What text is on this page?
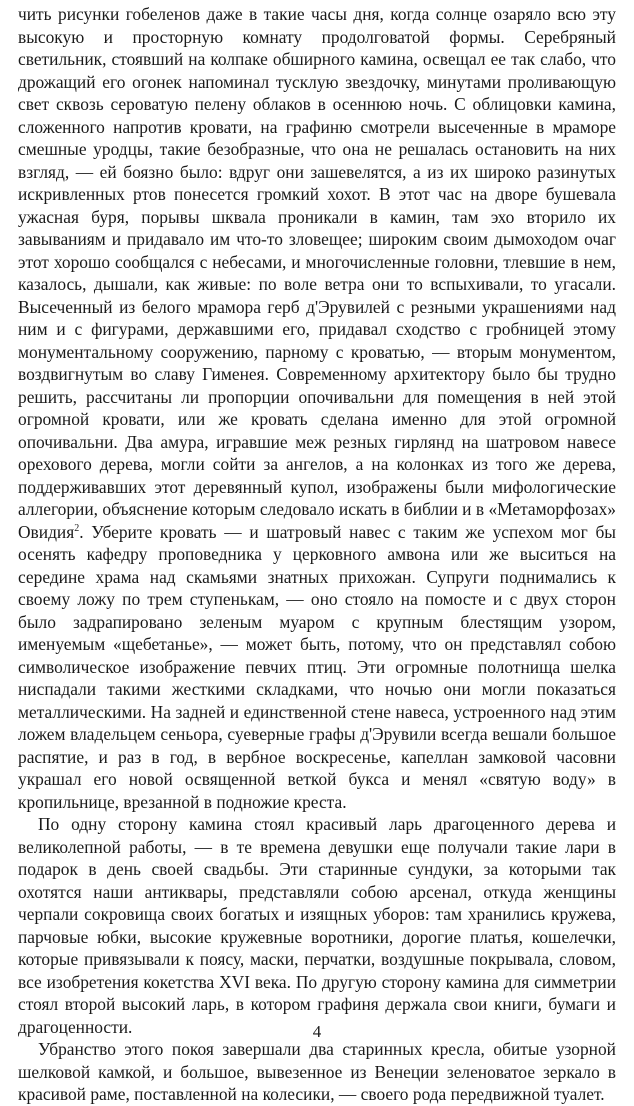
чить рисунки гобеленов даже в такие часы дня, когда солнце озаряло всю эту высокую и просторную комнату продолговатой формы. Серебряный светильник, стоявший на колпаке обширного камина, освещал ее так слабо, что дрожащий его огонек напоминал тусклую звездочку, минутами проливающую свет сквозь сероватую пелену облаков в осеннюю ночь. С облицовки камина, сложенного напротив кровати, на графиню смотрели высеченные в мраморе смешные уродцы, такие безобразные, что она не решалась остановить на них взгляд, — ей боязно было: вдруг они зашевелятся, а из их широко разинутых искривленных ртов понесется громкий хохот. В этот час на дворе бушевала ужасная буря, порывы шквала проникали в камин, там эхо вторило их завываниям и придавало им что-то зловещее; широким своим дымоходом очаг этот хорошо сообщался с небесами, и многочисленные головни, тлевшие в нем, казалось, дышали, как живые: по воле ветра они то вспыхивали, то угасали. Высеченный из белого мрамора герб д'Эрувилей с резными украшениями над ним и с фигурами, державшими его, придавал сходство с гробницей этому монументальному сооружению, парному с кроватью, — вторым монументом, воздвигнутым во славу Гименея. Современному архитектору было бы трудно решить, рассчитаны ли пропорции опочивальни для помещения в ней этой огромной кровати, или же кровать сделана именно для этой огромной опочивальни. Два амура, игравшие меж резных гирлянд на шатровом навесе орехового дерева, могли сойти за ангелов, а на колонках из того же дерева, поддерживавших этот деревянный купол, изображены были мифологические аллегории, объяснение которым следовало искать в библии и в «Метаморфозах» Овидия$^2$. Уберите кровать — и шатровый навес с таким же успехом мог бы осенять кафедру проповедника у церковного амвона или же выситься на середине храма над скамьями знатных прихожан. Супруги поднимались к своему ложу по трем ступенькам, — оно стояло на помосте и с двух сторон было задрапировано зеленым муаром с крупным блестящим узором, именуемым «щебетанье», — может быть, потому, что он представлял собою символическое изображение певчих птиц. Эти огромные полотнища шелка ниспадали такими жесткими складками, что ночью они могли показаться металлическими. На задней и единственной стене навеса, устроенного над этим ложем владельцем сеньора, суеверные графы д'Эрувили всегда вешали большое распятие, и раз в год, в вербное воскресенье, капеллан замковой часовни украшал его новой освященной веткой букса и менял «святую воду» в кропильнице, врезанной в подножие креста.

По одну сторону камина стоял красивый ларь драгоценного дерева и великолепной работы, — в те времена девушки еще получали такие лари в подарок в день своей свадьбы. Эти старинные сундуки, за которыми так охотятся наши антиквары, представляли собою арсенал, откуда женщины черпали сокровища своих богатых и изящных уборов: там хранились кружева, парчовые юбки, высокие кружевные воротники, дорогие платья, кошелечки, которые привязывали к поясу, маски, перчатки, воздушные покрывала, словом, все изобретения кокетства XVI века. По другую сторону камина для симметрии стоял второй высокий ларь, в котором графиня держала свои книги, бумаги и драгоценности.

Убранство этого покоя завершали два старинных кресла, обитые узорной шелковой камкой, и большое, вывезенное из Венеции зеленоватое зеркало в красивой раме, поставленной на колесики, — своего рода передвижной туалет.

4
